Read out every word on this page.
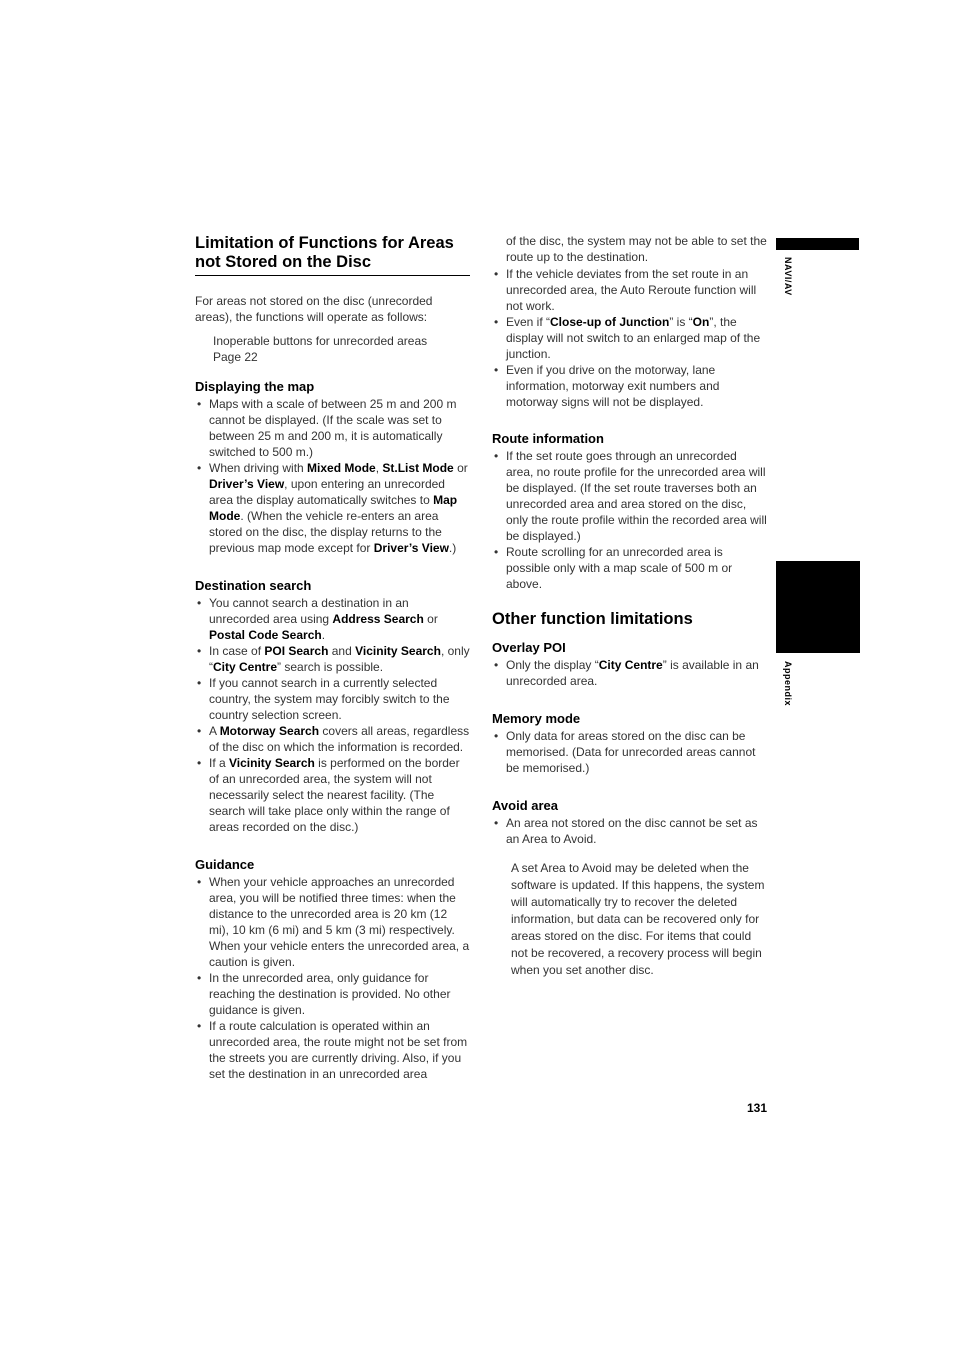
Limitation of Functions for Areas not Stored on the Disc

For areas not stored on the disc (unrecorded areas), the functions will operate as follows:

Inoperable buttons for unrecorded areas
Page 22
Displaying the map
• Maps with a scale of between 25 m and 200 m cannot be displayed. (If the scale was set to between 25 m and 200 m, it is automatically switched to 500 m.)
• When driving with Mixed Mode, St.List Mode or Driver’s View, upon entering an unrecorded area the display automatically switches to Map Mode. (When the vehicle re-enters an area stored on the disc, the display returns to the previous map mode except for Driver’s View.)
Destination search
• You cannot search a destination in an unrecorded area using Address Search or Postal Code Search.
• In case of POI Search and Vicinity Search, only “City Centre” search is possible.
• If you cannot search in a currently selected country, the system may forcibly switch to the country selection screen.
• A Motorway Search covers all areas, regardless of the disc on which the information is recorded.
• If a Vicinity Search is performed on the border of an unrecorded area, the system will not necessarily select the nearest facility. (The search will take place only within the range of areas recorded on the disc.)
Guidance
• When your vehicle approaches an unrecorded area, you will be notified three times: when the distance to the unrecorded area is 20 km (12 mi), 10 km (6 mi) and 5 km (3 mi) respectively. When your vehicle enters the unrecorded area, a caution is given.
• In the unrecorded area, only guidance for reaching the destination is provided. No other guidance is given.
• If a route calculation is operated within an unrecorded area, the route might not be set from the streets you are currently driving. Also, if you set the destination in an unrecorded area
of the disc, the system may not be able to set the route up to the destination.
• If the vehicle deviates from the set route in an unrecorded area, the Auto Reroute function will not work.
• Even if “Close-up of Junction” is “On”, the display will not switch to an enlarged map of the junction.
• Even if you drive on the motorway, lane information, motorway exit numbers and motorway signs will not be displayed.
Route information
• If the set route goes through an unrecorded area, no route profile for the unrecorded area will be displayed. (If the set route traverses both an unrecorded area and area stored on the disc, only the route profile within the recorded area will be displayed.)
• Route scrolling for an unrecorded area is possible only with a map scale of 500 m or above.
Other function limitations
Overlay POI
• Only the display “City Centre” is available in an unrecorded area.
Memory mode
• Only data for areas stored on the disc can be memorised. (Data for unrecorded areas cannot be memorised.)
Avoid area
• An area not stored on the disc cannot be set as an Area to Avoid.

A set Area to Avoid may be deleted when the software is updated. If this happens, the system will automatically try to recover the deleted information, but data can be recovered only for areas stored on the disc. For items that could not be recovered, a recovery process will begin when you set another disc.

NAVI/AV
Appendix
131
